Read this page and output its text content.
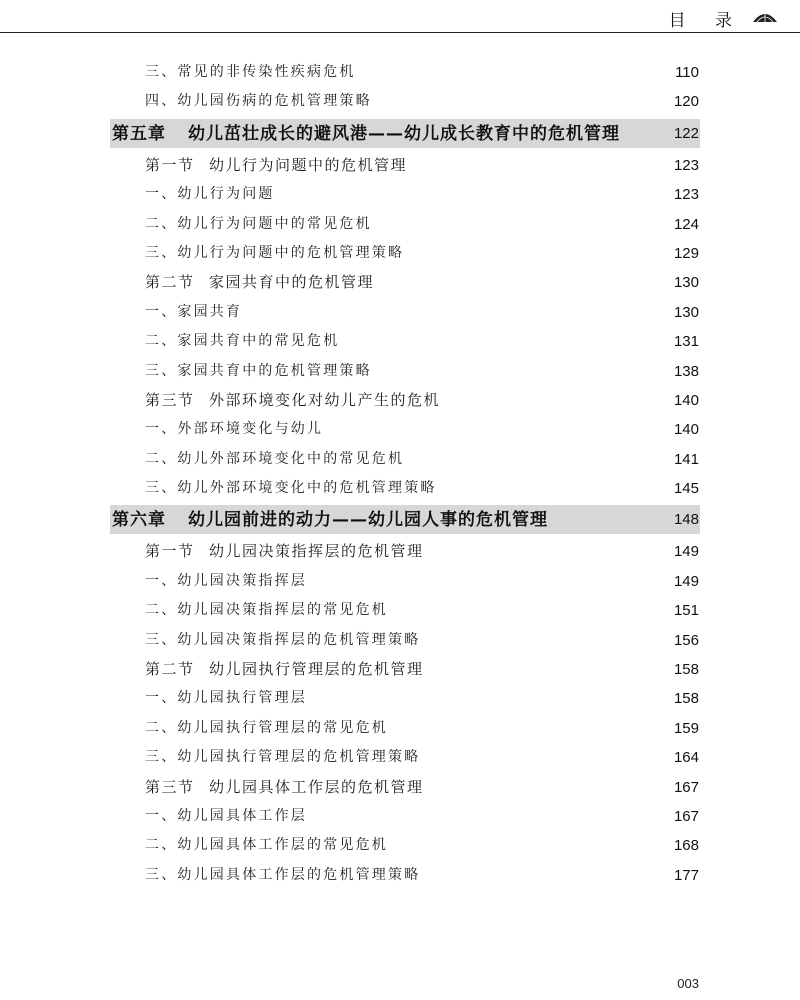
目 录
三、常见的非传染性疾病危机	110
四、幼儿园伤病的危机管理策略	120
第五章 幼儿茁壮成长的避风港——幼儿成长教育中的危机管理	122
第一节 幼儿行为问题中的危机管理	123
一、幼儿行为问题	123
二、幼儿行为问题中的常见危机	124
三、幼儿行为问题中的危机管理策略	129
第二节 家园共育中的危机管理	130
一、家园共育	130
二、家园共育中的常见危机	131
三、家园共育中的危机管理策略	138
第三节 外部环境变化对幼儿产生的危机	140
一、外部环境变化与幼儿	140
二、幼儿外部环境变化中的常见危机	141
三、幼儿外部环境变化中的危机管理策略	145
第六章 幼儿园前进的动力——幼儿园人事的危机管理	148
第一节 幼儿园决策指挥层的危机管理	149
一、幼儿园决策指挥层	149
二、幼儿园决策指挥层的常见危机	151
三、幼儿园决策指挥层的危机管理策略	156
第二节 幼儿园执行管理层的危机管理	158
一、幼儿园执行管理层	158
二、幼儿园执行管理层的常见危机	159
三、幼儿园执行管理层的危机管理策略	164
第三节 幼儿园具体工作层的危机管理	167
一、幼儿园具体工作层	167
二、幼儿园具体工作层的常见危机	168
三、幼儿园具体工作层的危机管理策略	177
003
